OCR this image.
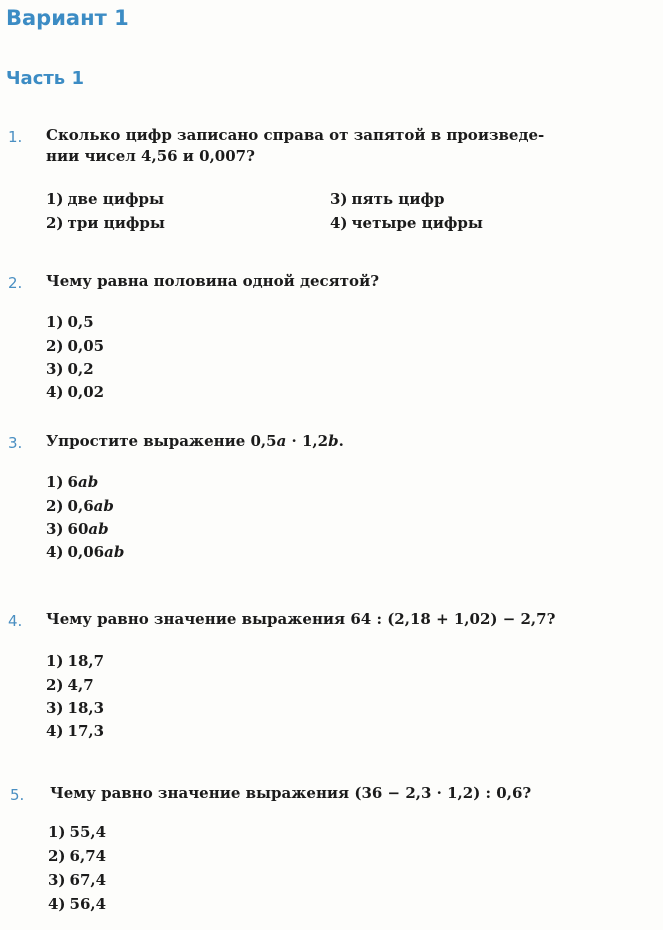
Вариант 1
Часть 1
1. Сколько цифр записано справа от запятой в произведе-
нии чисел 4,56 и 0,007?
1) две цифры
2) три цифры
3) пять цифр
4) четыре цифры
2. Чему равна половина одной десятой?
1) 0,5
2) 0,05
3) 0,2
4) 0,02
3. Упростите выражение 0,5a · 1,2b.
1) 6ab
2) 0,6ab
3) 60ab
4) 0,06ab
4. Чему равно значение выражения 64 : (2,18 + 1,02) − 2,7?
1) 18,7
2) 4,7
3) 18,3
4) 17,3
5. Чему равно значение выражения (36 − 2,3 · 1,2) : 0,6?
1) 55,4
2) 6,74
3) 67,4
4) 56,4
